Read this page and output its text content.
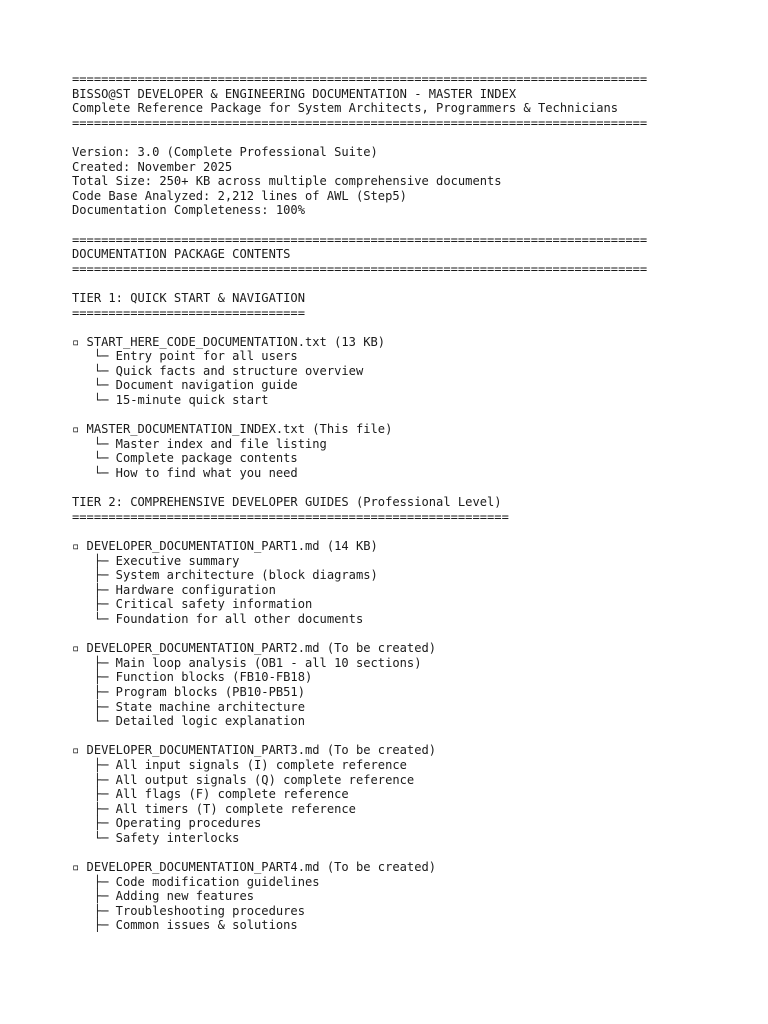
===============================================================================
BISSO@ST DEVELOPER & ENGINEERING DOCUMENTATION - MASTER INDEX
Complete Reference Package for System Architects, Programmers & Technicians
===============================================================================
Version: 3.0 (Complete Professional Suite)
Created: November 2025
Total Size: 250+ KB across multiple comprehensive documents
Code Base Analyzed: 2,212 lines of AWL (Step5)
Documentation Completeness: 100%
===============================================================================
DOCUMENTATION PACKAGE CONTENTS
===============================================================================
TIER 1: QUICK START & NAVIGATION
================================
▫ START_HERE_CODE_DOCUMENTATION.txt (13 KB)
└─ Entry point for all users
└─ Quick facts and structure overview
└─ Document navigation guide
└─ 15-minute quick start
▫ MASTER_DOCUMENTATION_INDEX.txt (This file)
└─ Master index and file listing
└─ Complete package contents
└─ How to find what you need
TIER 2: COMPREHENSIVE DEVELOPER GUIDES (Professional Level)
============================================================
▫ DEVELOPER_DOCUMENTATION_PART1.md (14 KB)
├─ Executive summary
├─ System architecture (block diagrams)
├─ Hardware configuration
├─ Critical safety information
└─ Foundation for all other documents
▫ DEVELOPER_DOCUMENTATION_PART2.md (To be created)
├─ Main loop analysis (OB1 - all 10 sections)
├─ Function blocks (FB10-FB18)
├─ Program blocks (PB10-PB51)
├─ State machine architecture
└─ Detailed logic explanation
▫ DEVELOPER_DOCUMENTATION_PART3.md (To be created)
├─ All input signals (I) complete reference
├─ All output signals (Q) complete reference
├─ All flags (F) complete reference
├─ All timers (T) complete reference
├─ Operating procedures
└─ Safety interlocks
▫ DEVELOPER_DOCUMENTATION_PART4.md (To be created)
├─ Code modification guidelines
├─ Adding new features
├─ Troubleshooting procedures
├─ Common issues & solutions
